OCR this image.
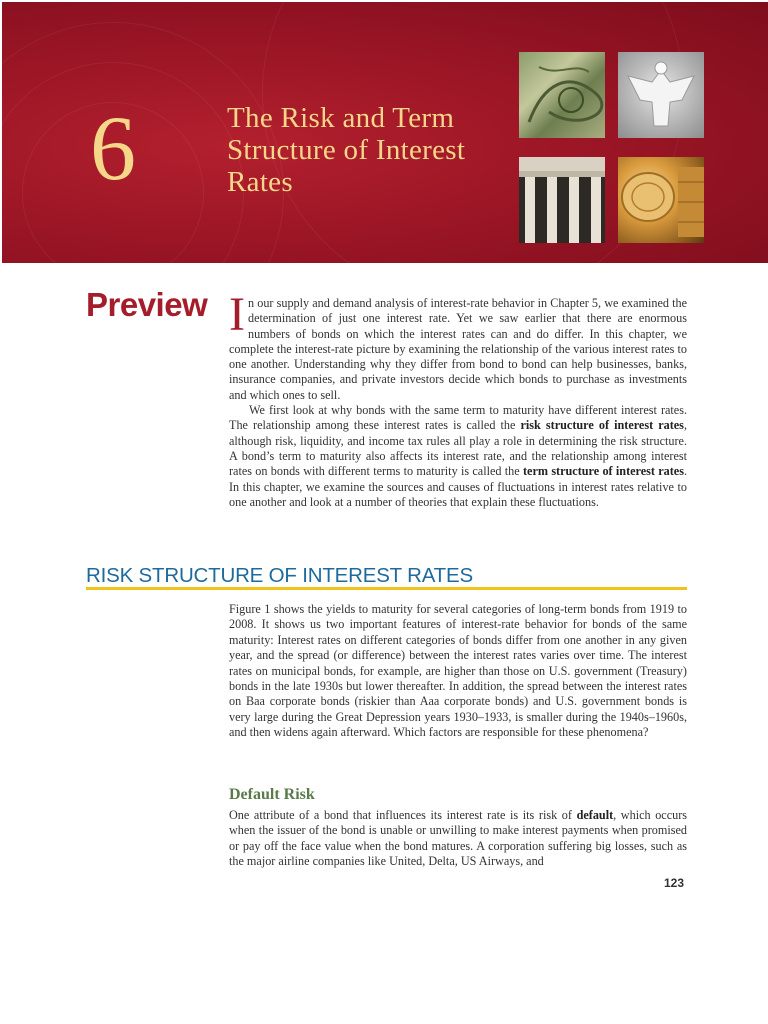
6	The Risk and Term Structure of Interest Rates
Preview In our supply and demand analysis of interest-rate behavior in Chapter 5, we examined the determination of just one interest rate. Yet we saw earlier that there are enormous numbers of bonds on which the interest rates can and do differ. In this chapter, we complete the interest-rate picture by examining the relationship of the various interest rates to one another. Understanding why they differ from bond to bond can help businesses, banks, insurance companies, and private investors decide which bonds to purchase as investments and which ones to sell.

We first look at why bonds with the same term to maturity have different interest rates. The relationship among these interest rates is called the risk structure of interest rates, although risk, liquidity, and income tax rules all play a role in determining the risk structure. A bond’s term to maturity also affects its interest rate, and the relationship among interest rates on bonds with different terms to maturity is called the term structure of interest rates. In this chapter, we examine the sources and causes of fluctuations in interest rates relative to one another and look at a number of theories that explain these fluctuations.

RISK STRUCTURE OF INTEREST RATES
Figure 1 shows the yields to maturity for several categories of long-term bonds from 1919 to 2008. It shows us two important features of interest-rate behavior for bonds of the same maturity: Interest rates on different categories of bonds differ from one another in any given year, and the spread (or difference) between the interest rates varies over time. The interest rates on municipal bonds, for example, are higher than those on U.S. government (Treasury) bonds in the late 1930s but lower thereafter. In addition, the spread between the interest rates on Baa corporate bonds (riskier than Aaa corporate bonds) and U.S. government bonds is very large during the Great Depression years 1930–1933, is smaller during the 1940s–1960s, and then widens again afterward. Which factors are responsible for these phenomena?
Default Risk
One attribute of a bond that influences its interest rate is its risk of default, which occurs when the issuer of the bond is unable or unwilling to make interest payments when promised or pay off the face value when the bond matures. A corporation suffering big losses, such as the major airline companies like United, Delta, US Airways, and
123
